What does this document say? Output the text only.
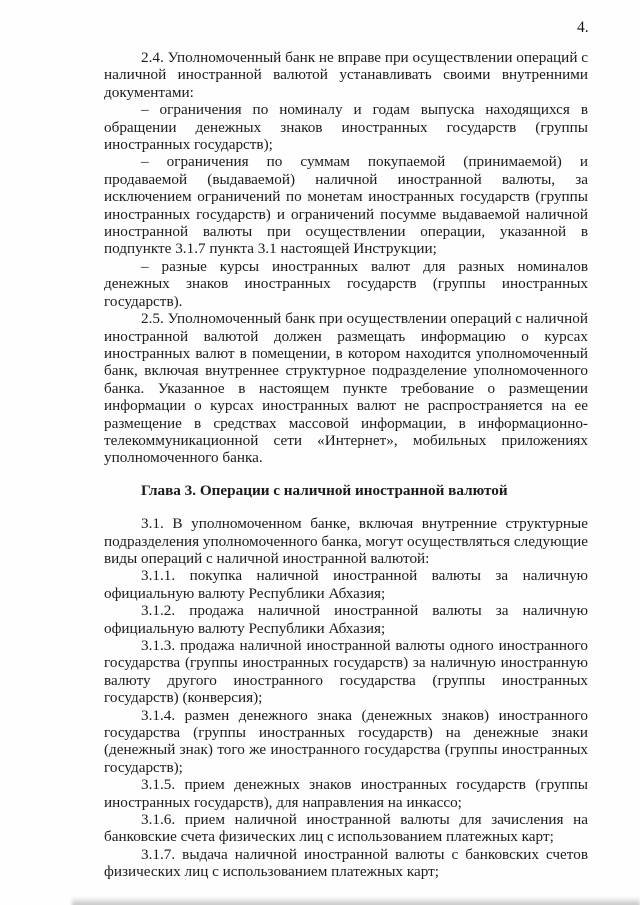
4.

2.4. Уполномоченный банк не вправе при осуществлении операций с наличной иностранной валютой устанавливать своими внутренними документами:

– ограничения по номиналу и годам выпуска находящихся в обращении денежных знаков иностранных государств (группы иностранных государств);

– ограничения по суммам покупаемой (принимаемой) и продаваемой (выдаваемой) наличной иностранной валюты, за исключением ограничений по монетам иностранных государств (группы иностранных государств) и ограничений посумме выдаваемой наличной иностранной валюты при осуществлении операции, указанной в подпункте 3.1.7 пункта 3.1 настоящей Инструкции;

– разные курсы иностранных валют для разных номиналов денежных знаков иностранных государств (группы иностранных государств).

2.5. Уполномоченный банк при осуществлении операций с наличной иностранной валютой должен размещать информацию о курсах иностранных валют в помещении, в котором находится уполномоченный банк, включая внутреннее структурное подразделение уполномоченного банка. Указанное в настоящем пункте требование о размещении информации о курсах иностранных валют не распространяется на ее размещение в средствах массовой информации, в информационно-телекоммуникационной сети «Интернет», мобильных приложениях уполномоченного банка.

Глава 3. Операции с наличной иностранной валютой

3.1. В уполномоченном банке, включая внутренние структурные подразделения уполномоченного банка, могут осуществляться следующие виды операций с наличной иностранной валютой:

3.1.1. покупка наличной иностранной валюты за наличную официальную валюту Республики Абхазия;

3.1.2. продажа наличной иностранной валюты за наличную официальную валюту Республики Абхазия;

3.1.3. продажа наличной иностранной валюты одного иностранного государства (группы иностранных государств) за наличную иностранную валюту другого иностранного государства (группы иностранных государств) (конверсия);

3.1.4. размен денежного знака (денежных знаков) иностранного государства (группы иностранных государств) на денежные знаки (денежный знак) того же иностранного государства (группы иностранных государств);

3.1.5. прием денежных знаков иностранных государств (группы иностранных государств), для направления на инкассо;

3.1.6. прием наличной иностранной валюты для зачисления на банковские счета физических лиц с использованием платежных карт;

3.1.7. выдача наличной иностранной валюты с банковских счетов физических лиц с использованием платежных карт;
